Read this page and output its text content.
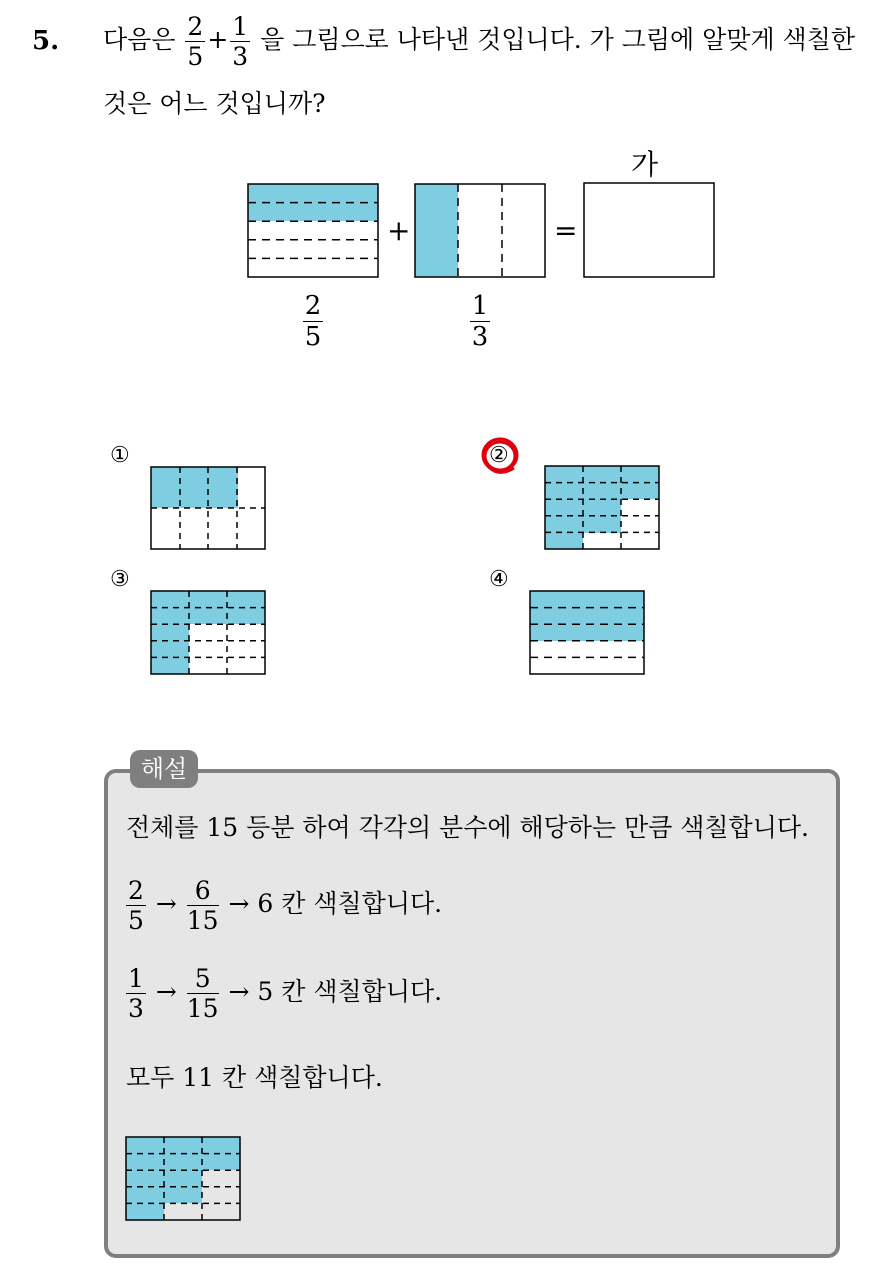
5. 다음은 $\frac{2}{5} + \frac{1}{3}$ 을 그림으로 나타낸 것입니다. 가 그림에 알맞게 색칠한
것은 어느 것입니까?
+	=
가
$\frac{2}{5}$	$\frac{1}{3}$
①	②
③	④
해설
전체를 15 등분 하여 각각의 분수에 해당하는 만큼 색칠합니다.
$\frac{2}{5} \to \frac{6}{15} \to 6$ 칸 색칠합니다.
$\frac{1}{3} \to \frac{5}{15} \to 5$ 칸 색칠합니다.
모두 11 칸 색칠합니다.
